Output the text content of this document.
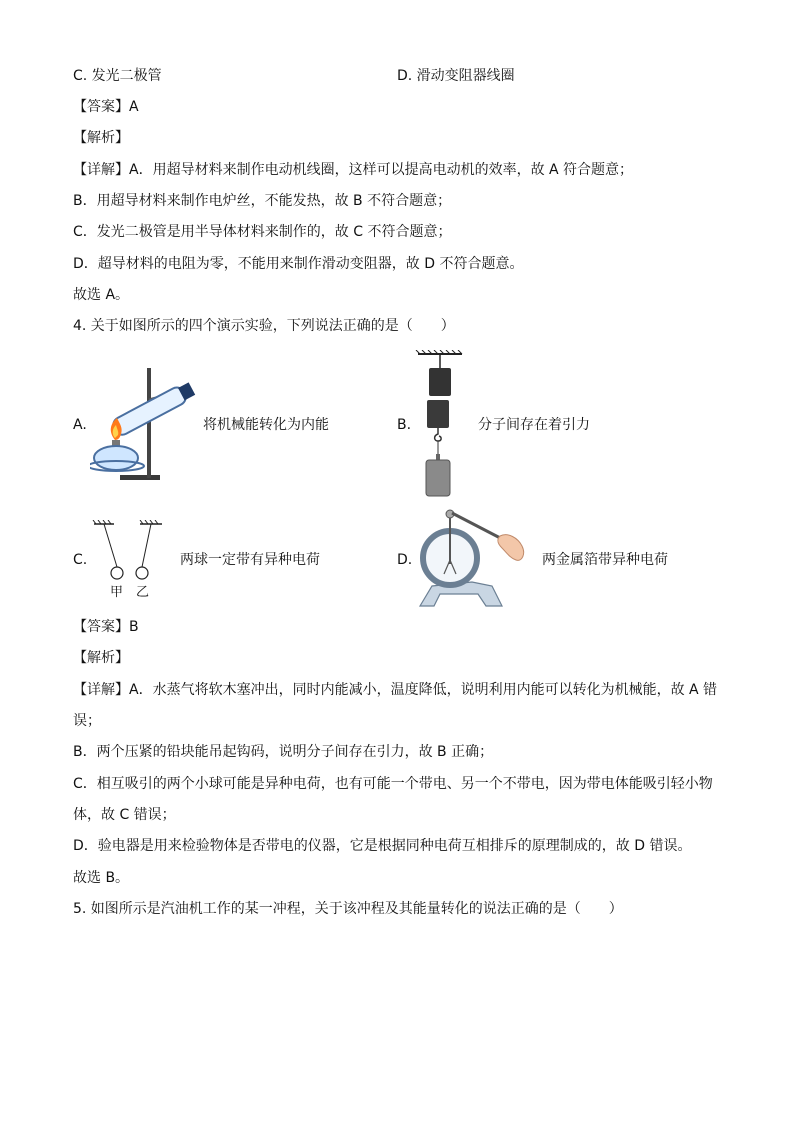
C. 发光二极管	D. 滑动变阻器线圈
【答案】A
【解析】
【详解】A．用超导材料来制作电动机线圈，这样可以提高电动机的效率，故 A 符合题意；
B．用超导材料来制作电炉丝，不能发热，故 B 不符合题意；
C．发光二极管是用半导体材料来制作的，故 C 不符合题意；
D．超导材料的电阻为零，不能用来制作滑动变阻器，故 D 不符合题意。
故选 A。
4. 关于如图所示的四个演示实验，下列说法正确的是（　　）
A.	将机械能转化为内能	B.	分子间存在着引力
C.
甲 乙
两球一定带有异种电荷	D.	两金属箔带异种电荷
【答案】B
【解析】
【详解】A．水蒸气将软木塞冲出，同时内能减小，温度降低，说明利用内能可以转化为机械能，故 A 错
误；
B．两个压紧的铅块能吊起钩码，说明分子间存在引力，故 B 正确；
C．相互吸引的两个小球可能是异种电荷，也有可能一个带电、另一个不带电，因为带电体能吸引轻小物
体，故 C 错误；
D．验电器是用来检验物体是否带电的仪器，它是根据同种电荷互相排斥的原理制成的，故 D 错误。
故选 B。
5. 如图所示是汽油机工作的某一冲程，关于该冲程及其能量转化的说法正确的是（　　）
